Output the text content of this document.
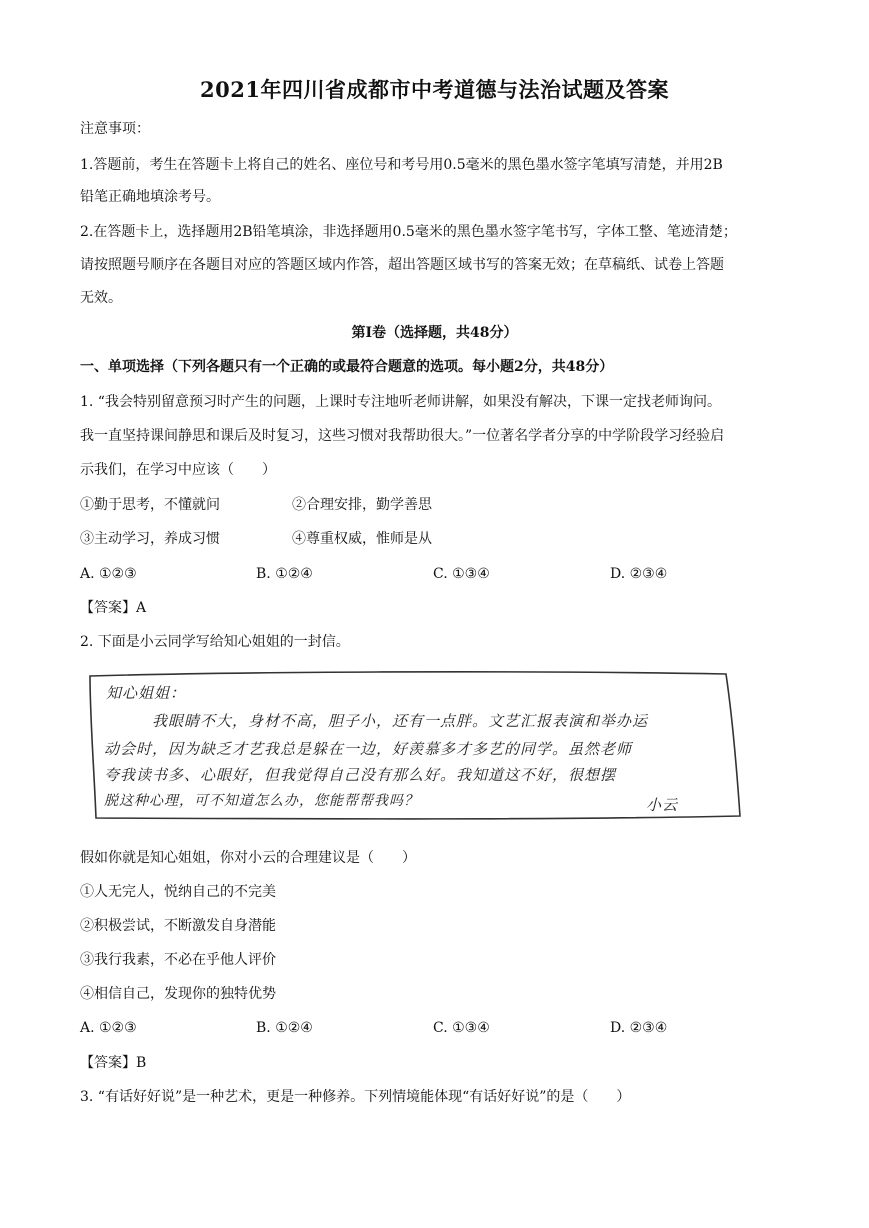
2021年四川省成都市中考道德与法治试题及答案
注意事项：
1.答题前，考生在答题卡上将自己的姓名、座位号和考号用0.5毫米的黑色墨水签字笔填写清楚，并用2B
铅笔正确地填涂考号。
2.在答题卡上，选择题用2B铅笔填涂，非选择题用0.5毫米的黑色墨水签字笔书写，字体工整、笔迹清楚；
请按照题号顺序在各题目对应的答题区域内作答，超出答题区域书写的答案无效；在草稿纸、试卷上答题
无效。
第Ⅰ卷（选择题，共48分）
一、单项选择（下列各题只有一个正确的或最符合题意的选项。每小题2分，共48分）
1. “我会特别留意预习时产生的问题，上课时专注地听老师讲解，如果没有解决，下课一定找老师询问。
我一直坚持课间静思和课后及时复习，这些习惯对我帮助很大。”一位著名学者分享的中学阶段学习经验启
示我们，在学习中应该（　　）
①勤于思考，不懂就问	②合理安排，勤学善思
③主动学习，养成习惯	④尊重权威，惟师是从
A. ①②③	B. ①②④	C. ①③④	D. ②③④
【答案】A
2. 下面是小云同学写给知心姐姐的一封信。
知心姐姐：
我眼睛不大，身材不高，胆子小，还有一点胖。文艺汇报表演和举办运
动会时，因为缺乏才艺我总是躲在一边，好羡慕多才多艺的同学。虽然老师
夸我读书多、心眼好，但我觉得自己没有那么好。我知道这不好，很想摆
脱这种心理，可不知道怎么办，您能帮帮我吗？	小云
假如你就是知心姐姐，你对小云的合理建议是（　　）
①人无完人，悦纳自己的不完美
②积极尝试，不断激发自身潜能
③我行我素，不必在乎他人评价
④相信自己，发现你的独特优势
A. ①②③	B. ①②④	C. ①③④	D. ②③④
【答案】B
3. “有话好好说”是一种艺术，更是一种修养。下列情境能体现“有话好好说”的是（　　）
